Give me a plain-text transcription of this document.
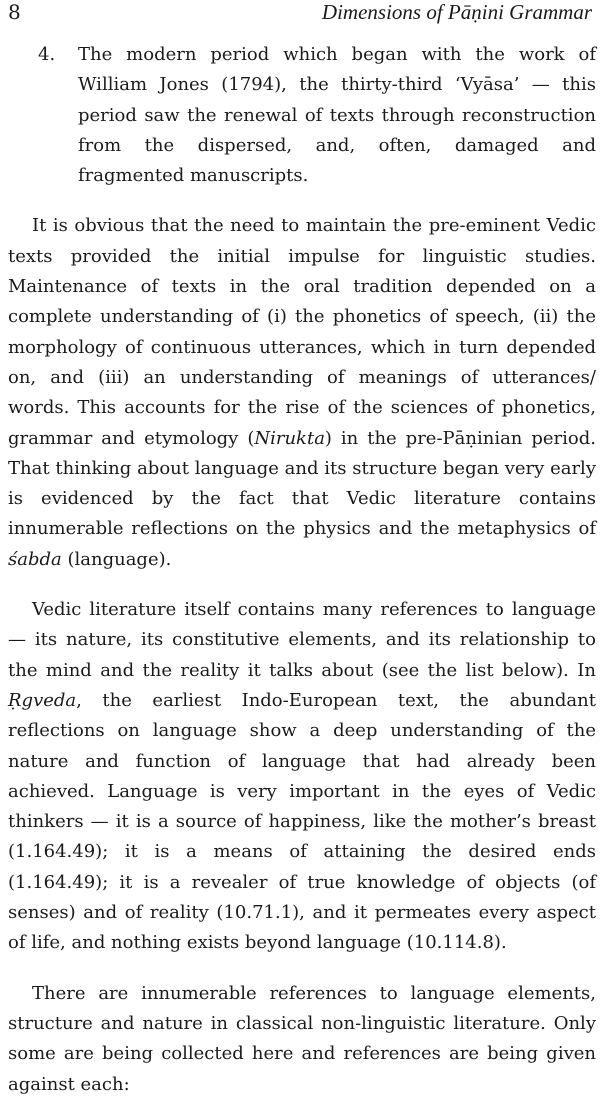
8	Dimensions of Pāṇini Grammar
4.	The modern period which began with the work of William Jones (1794), the thirty-third ‘Vyāsa’ — this period saw the renewal of texts through reconstruction from the dispersed, and, often, damaged and fragmented manuscripts.

It is obvious that the need to maintain the pre-eminent Vedic texts provided the initial impulse for linguistic studies. Maintenance of texts in the oral tradition depended on a complete understanding of (i) the phonetics of speech, (ii) the morphology of continuous utterances, which in turn depended on, and (iii) an understanding of meanings of utterances/ words. This accounts for the rise of the sciences of phonetics, grammar and etymology (Nirukta) in the pre-Pāṇinian period. That thinking about language and its structure began very early is evidenced by the fact that Vedic literature contains innumerable reflections on the physics and the metaphysics of śabda (language).

Vedic literature itself contains many references to language — its nature, its constitutive elements, and its relationship to the mind and the reality it talks about (see the list below). In Ṛgveda, the earliest Indo-European text, the abundant reflections on language show a deep understanding of the nature and function of language that had already been achieved. Language is very important in the eyes of Vedic thinkers — it is a source of happiness, like the mother’s breast (1.164.49); it is a means of attaining the desired ends (1.164.49); it is a revealer of true knowledge of objects (of senses) and of reality (10.71.1), and it permeates every aspect of life, and nothing exists beyond language (10.114.8).

There are innumerable references to language elements, structure and nature in classical non-linguistic literature. Only some are being collected here and references are being given against each:
